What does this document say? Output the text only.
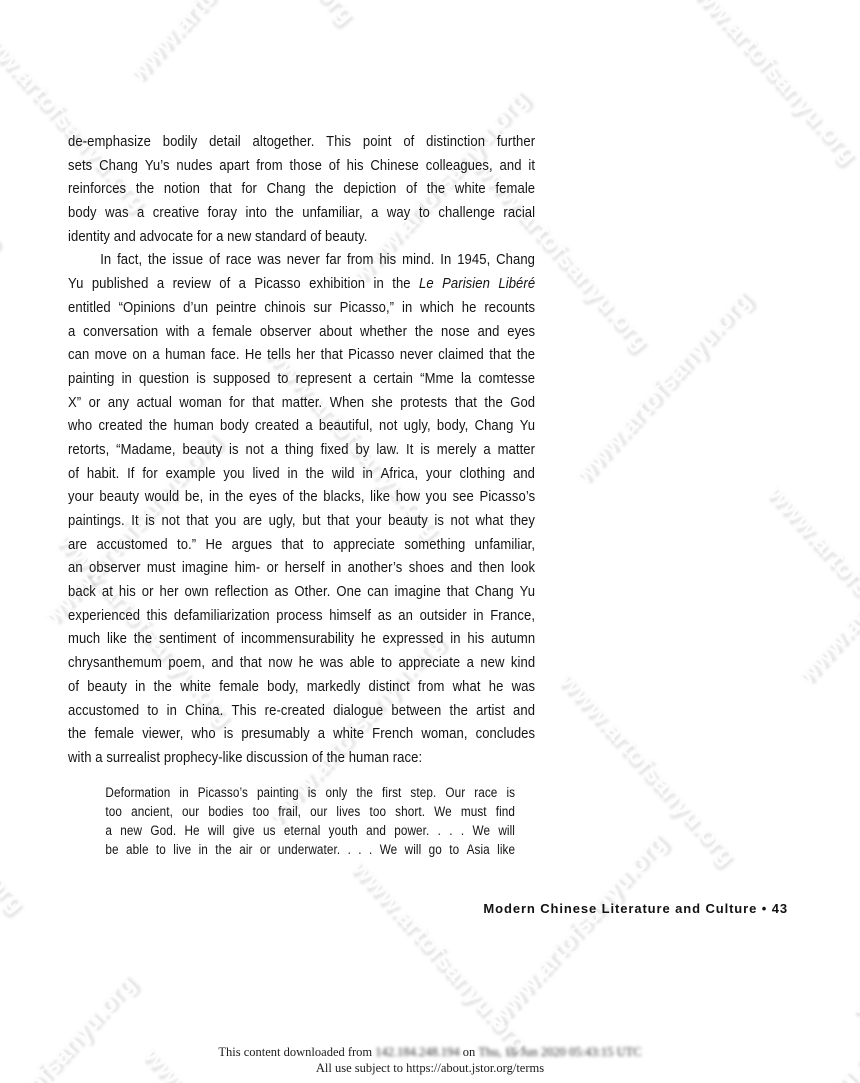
de-emphasize bodily detail altogether. This point of distinction further
sets Chang Yu’s nudes apart from those of his Chinese colleagues, and it
reinforces the notion that for Chang the depiction of the white female
body was a creative foray into the unfamiliar, a way to challenge racial
identity and advocate for a new standard of beauty.
In fact, the issue of race was never far from his mind. In 1945, Chang
Yu published a review of a Picasso exhibition in the Le Parisien Libéré
entitled “Opinions d’un peintre chinois sur Picasso,” in which he recounts
a conversation with a female observer about whether the nose and eyes
can move on a human face. He tells her that Picasso never claimed that the
painting in question is supposed to represent a certain “Mme la comtesse
X” or any actual woman for that matter. When she protests that the God
who created the human body created a beautiful, not ugly, body, Chang Yu
retorts, “Madame, beauty is not a thing fixed by law. It is merely a matter
of habit. If for example you lived in the wild in Africa, your clothing and
your beauty would be, in the eyes of the blacks, like how you see Picasso’s
paintings. It is not that you are ugly, but that your beauty is not what they
are accustomed to.” He argues that to appreciate something unfamiliar,
an observer must imagine him- or herself in another’s shoes and then look
back at his or her own reflection as Other. One can imagine that Chang Yu
experienced this defamiliarization process himself as an outsider in France,
much like the sentiment of incommensurability he expressed in his autumn
chrysanthemum poem, and that now he was able to appreciate a new kind
of beauty in the white female body, markedly distinct from what he was
accustomed to in China. This re-created dialogue between the artist and
the female viewer, who is presumably a white French woman, concludes
with a surrealist prophecy-like discussion of the human race:
Deformation in Picasso’s painting is only the first step. Our race is
too ancient, our bodies too frail, our lives too short. We must find
a new God. He will give us eternal youth and power. . . . We will
be able to live in the air or underwater. . . . We will go to Asia like
Modern Chinese Literature and Culture • 43
This content downloaded from 142.184.248.194 on Thu, 16 Jun 2020 05:43:15 UTC
All use subject to https://about.jstor.org/terms
